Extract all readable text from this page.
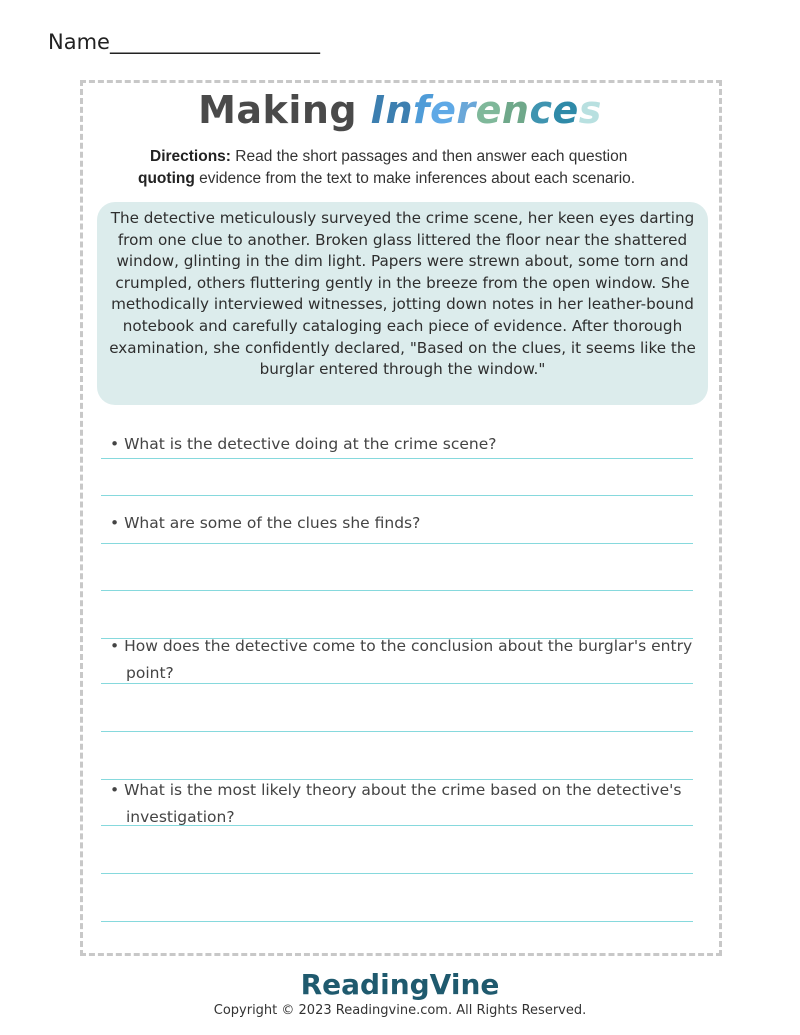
Name____________________
Making Inferences
Directions: Read the short passages and then answer each question
quoting evidence from the text to make inferences about each scenario.
The detective meticulously surveyed the crime scene, her keen eyes darting from one clue to another. Broken glass littered the floor near the shattered window, glinting in the dim light. Papers were strewn about, some torn and crumpled, others fluttering gently in the breeze from the open window. She methodically interviewed witnesses, jotting down notes in her leather-bound notebook and carefully cataloging each piece of evidence. After thorough examination, she confidently declared, "Based on the clues, it seems like the burglar entered through the window."
• What is the detective doing at the crime scene?
• What are some of the clues she finds?
• How does the detective come to the conclusion about the burglar's entry point?
• What is the most likely theory about the crime based on the detective's investigation?
ReadingVine
Copyright © 2023 Readingvine.com. All Rights Reserved.
